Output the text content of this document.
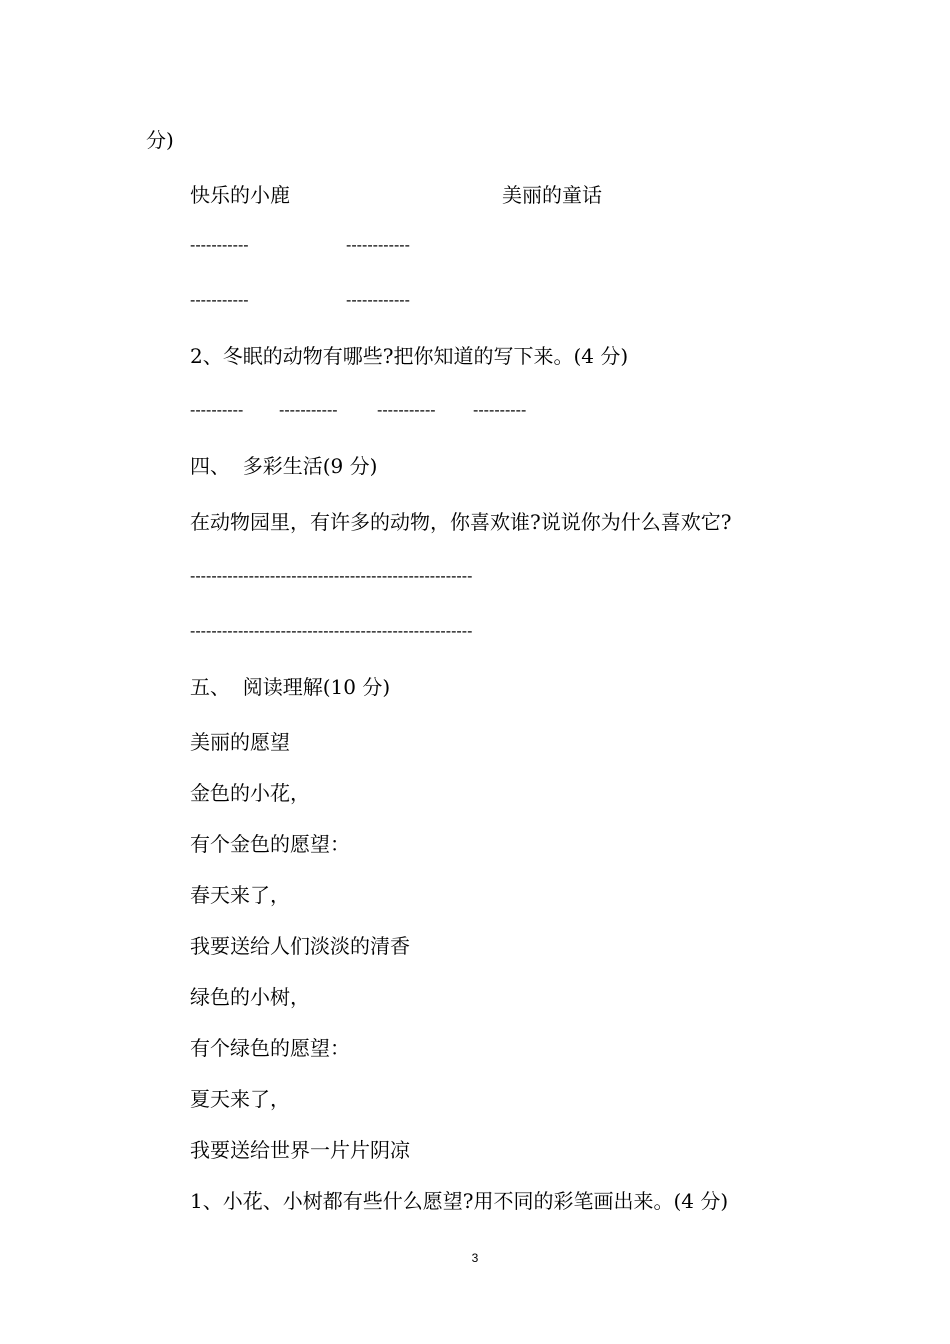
分)
快乐的小鹿	美丽的童话
-----------	------------
-----------	------------
2、冬眠的动物有哪些?把你知道的写下来。(4 分)
---------- ----------- ----------- ----------
四、  多彩生活(9 分)
在动物园里，有许多的动物，你喜欢谁?说说你为什么喜欢它?
-----------------------------------------------------
-----------------------------------------------------
五、  阅读理解(10 分)
美丽的愿望
金色的小花，
有个金色的愿望：
春天来了，
我要送给人们淡淡的清香
绿色的小树，
有个绿色的愿望：
夏天来了，
我要送给世界一片片阴凉
1、小花、小树都有些什么愿望?用不同的彩笔画出来。(4 分)
3
